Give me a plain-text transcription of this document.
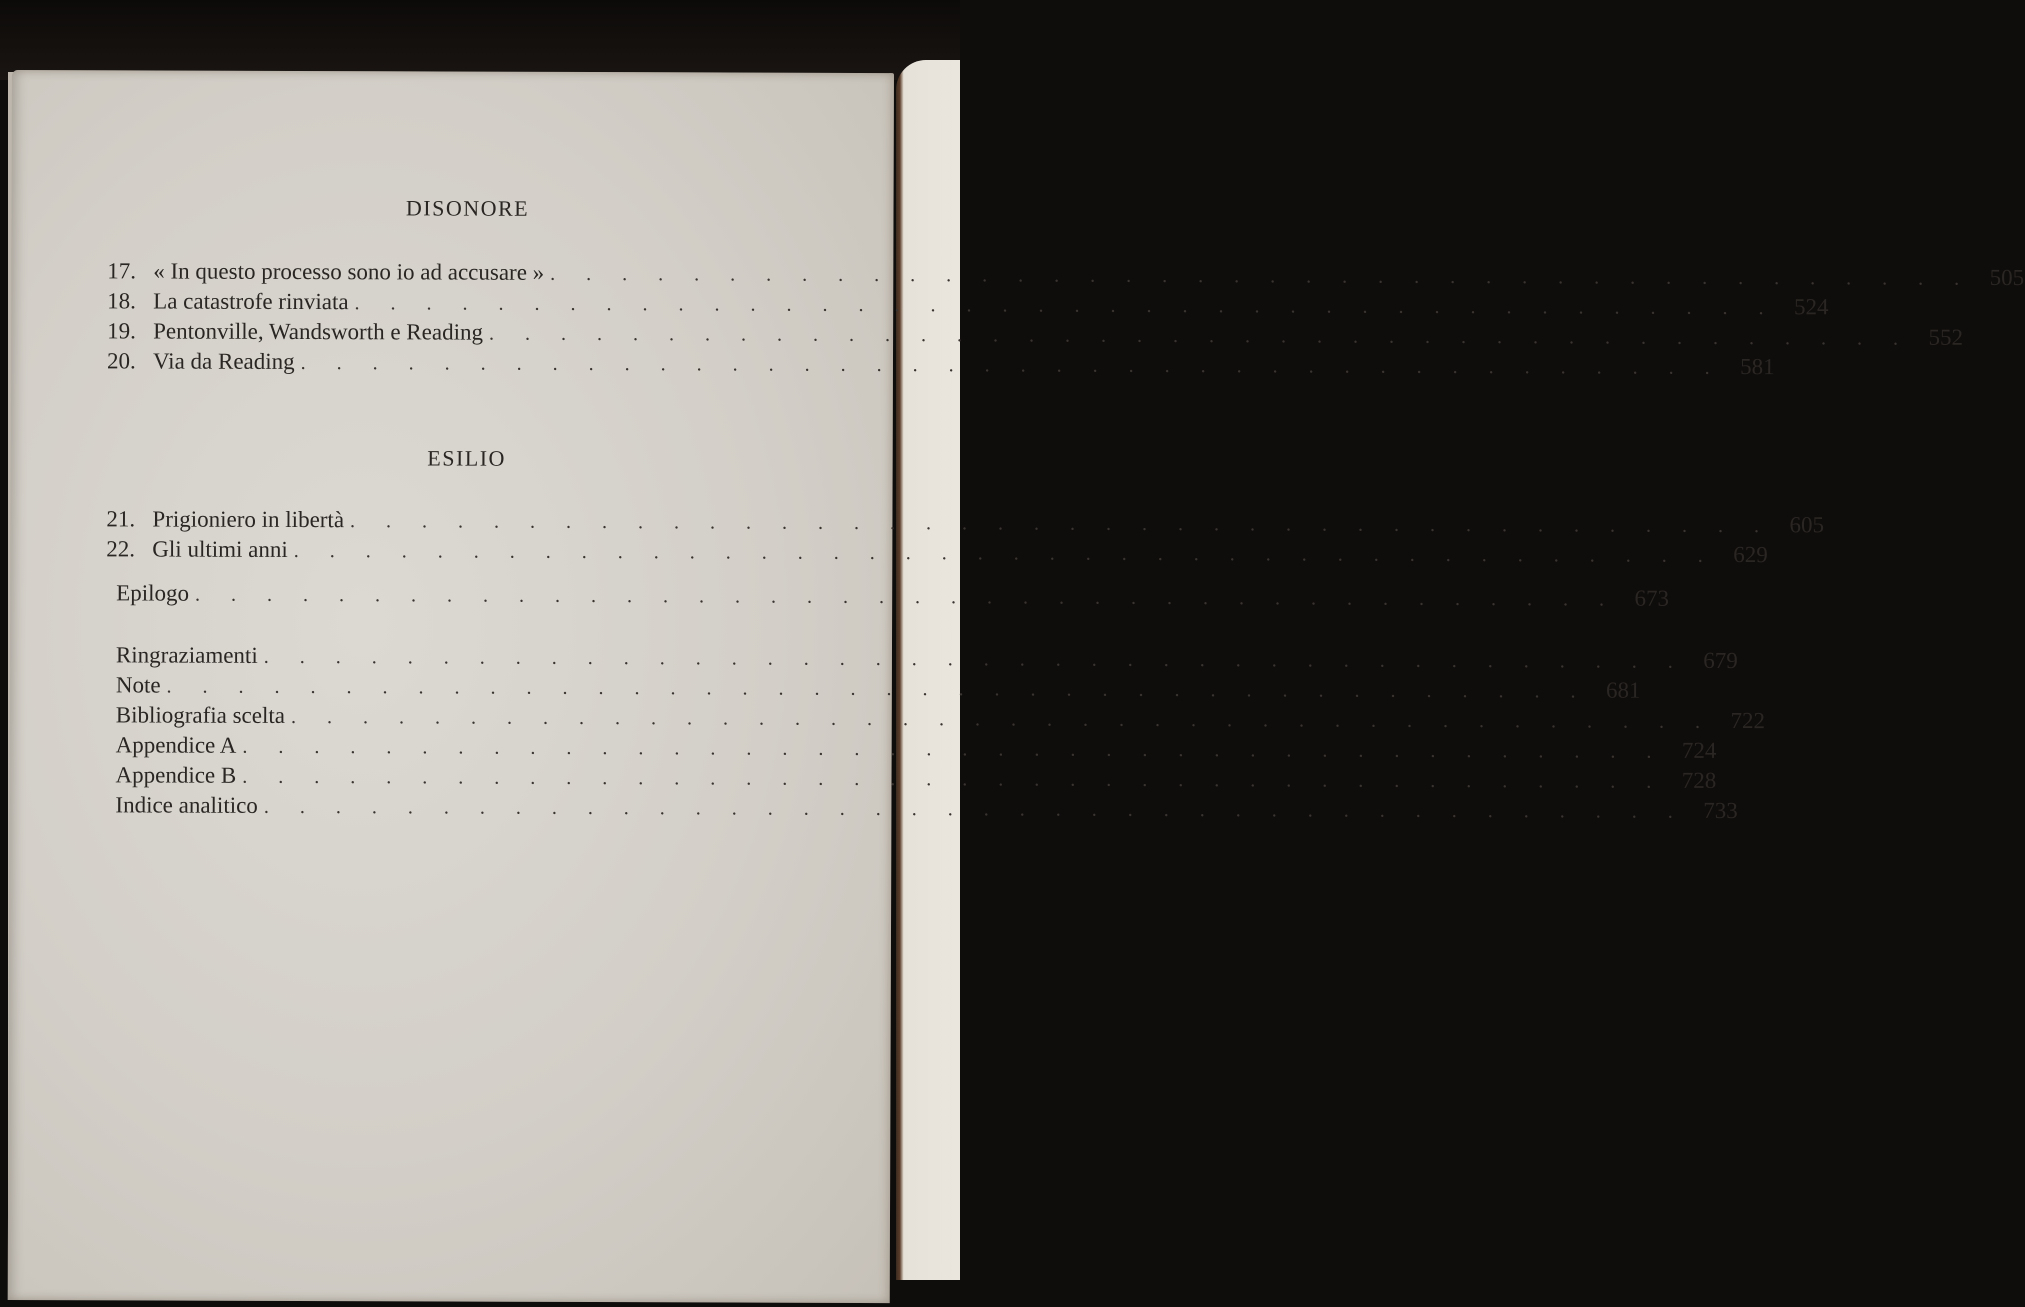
DISONORE
17. « In questo processo sono io ad accusare » . . . . . . . . . . . . . . . . . . . . . . . . . . . . . . . . . . . . . . . . 505
18. La catastrofe rinviata . . . . . . . . . . . . . . . . . . . . . . . . . . . . . . . . . . . . . . . . 524
19. Pentonville, Wandsworth e Reading . . . . . . . . . . . . . . . . . . . . . . . . . . . . . . . . . . . . . . . . 552
20. Via da Reading . . . . . . . . . . . . . . . . . . . . . . . . . . . . . . . . . . . . . . . . 581
ESILIO
21. Prigioniero in libertà . . . . . . . . . . . . . . . . . . . . . . . . . . . . . . . . . . . . . . . . 605
22. Gli ultimi anni . . . . . . . . . . . . . . . . . . . . . . . . . . . . . . . . . . . . . . . . 629
Epilogo . . . . . . . . . . . . . . . . . . . . . . . . . . . . . . . . . . . . . . . . 673
Ringraziamenti . . . . . . . . . . . . . . . . . . . . . . . . . . . . . . . . . . . . . . . . 679
Note . . . . . . . . . . . . . . . . . . . . . . . . . . . . . . . . . . . . . . . . 681
Bibliografia scelta . . . . . . . . . . . . . . . . . . . . . . . . . . . . . . . . . . . . . . . . 722
Appendice A . . . . . . . . . . . . . . . . . . . . . . . . . . . . . . . . . . . . . . . . 724
Appendice B . . . . . . . . . . . . . . . . . . . . . . . . . . . . . . . . . . . . . . . . 728
Indice analitico . . . . . . . . . . . . . . . . . . . . . . . . . . . . . . . . . . . . . . . . 733
